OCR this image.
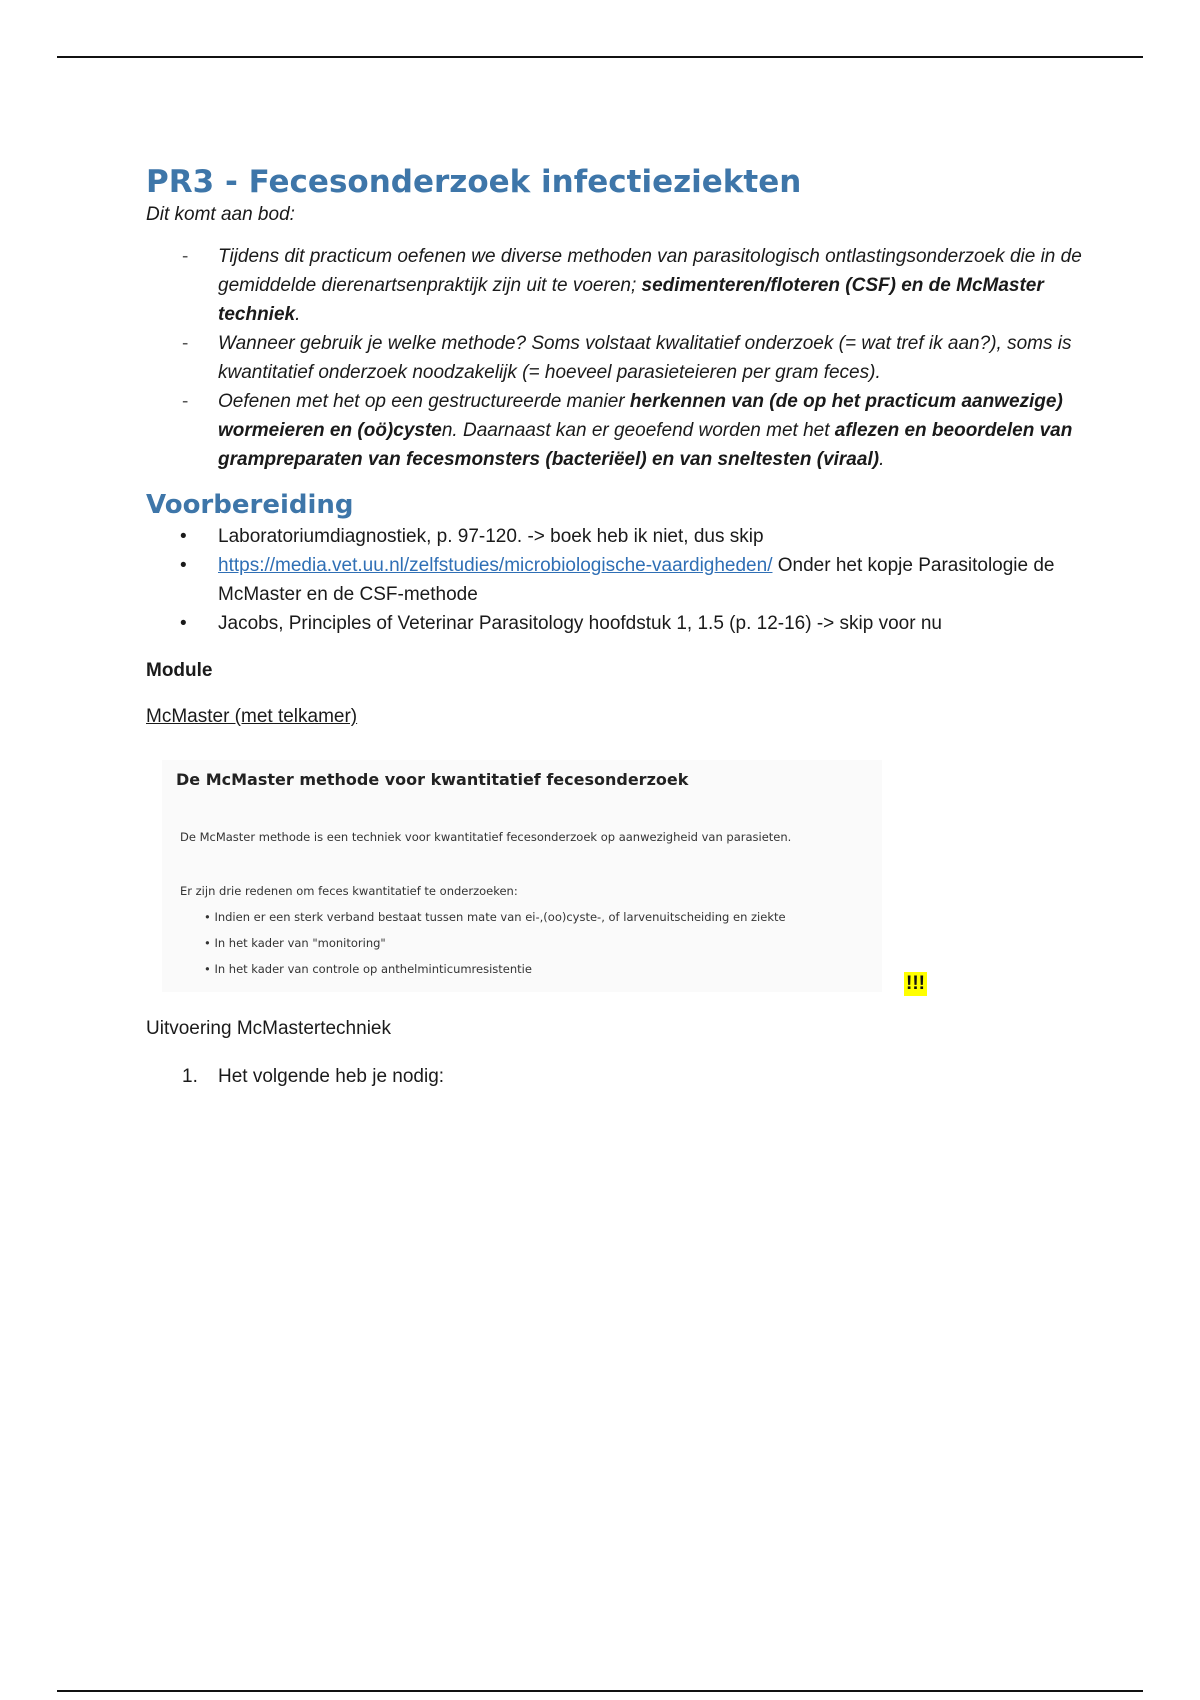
PR3 - Fecesonderzoek infectieziekten

Dit komt aan bod:

- Tijdens dit practicum oefenen we diverse methoden van parasitologisch ontlastingsonderzoek die in de gemiddelde dierenartsenpraktijk zijn uit te voeren; sedimenteren/floteren (CSF) en de McMaster techniek.
- Wanneer gebruik je welke methode? Soms volstaat kwalitatief onderzoek (= wat tref ik aan?), soms is kwantitatief onderzoek noodzakelijk (= hoeveel parasieteieren per gram feces).
- Oefenen met het op een gestructureerde manier herkennen van (de op het practicum aanwezige) wormeieren en (oö)cysten. Daarnaast kan er geoefend worden met het aflezen en beoordelen van grampreparaten van fecesmonsters (bacteriëel) en van sneltesten (viraal).
Voorbereiding
• Laboratoriumdiagnostiek, p. 97-120. -> boek heb ik niet, dus skip
• https://media.vet.uu.nl/zelfstudies/microbiologische-vaardigheden/ Onder het kopje Parasitologie de McMaster en de CSF-methode
• Jacobs, Principles of Veterinar Parasitology hoofdstuk 1, 1.5 (p. 12-16) -> skip voor nu

Module

McMaster (met telkamer)

De McMaster methode voor kwantitatief fecesonderzoek
De McMaster methode is een techniek voor kwantitatief fecesonderzoek op aanwezigheid van parasieten.
Er zijn drie redenen om feces kwantitatief te onderzoeken:
• Indien er een sterk verband bestaat tussen mate van ei-,(oo)cyste-, of larvenuitscheiding en ziekte
• In het kader van "monitoring"
• In het kader van controle op anthelminticumresistentie
!!!
Uitvoering McMastertechniek
1. Het volgende heb je nodig:
